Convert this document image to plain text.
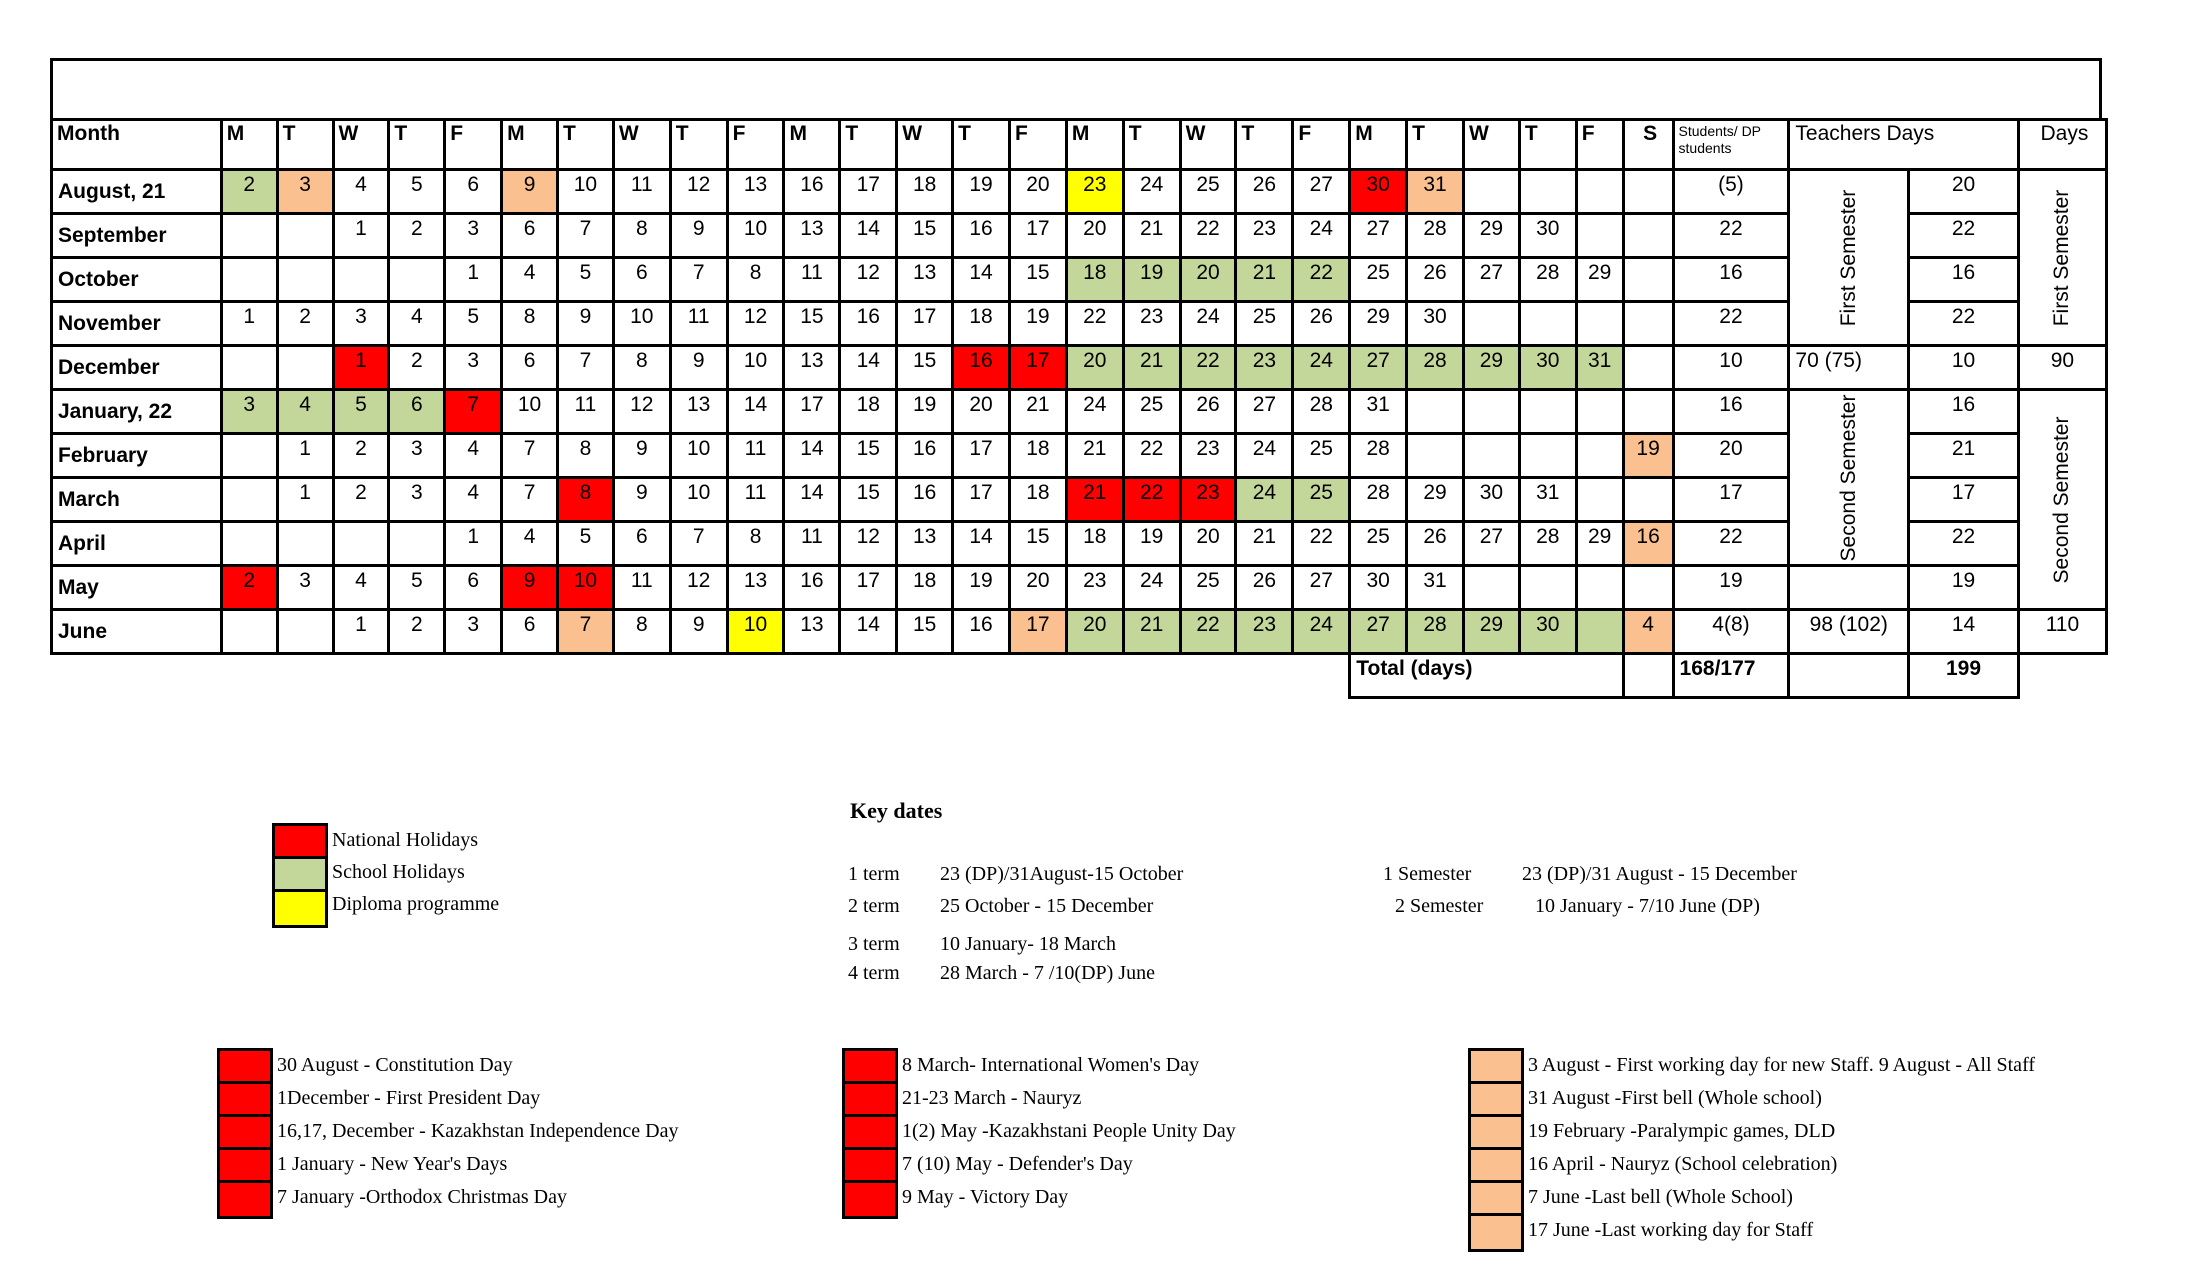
Month	M	T	W	T	F	M	T	W	T	F	M	T	W	T	F	M	T	W	T	F	M	T	W	T	F	S	Students/ DP students	Teachers Days		Days
August, 21	2	3	4	5	6	9	10	11	12	13	16	17	18	19	20	23	24	25	26	27	30	31					(5)	First Semester	20	First Semester

September			1	2	3	6	7	8	9	10	13	14	15	16	17	20	21	22	23	24	27	28	29	30			22		22	
October					1	4	5	6	7	8	11	12	13	14	15	18	19	20	21	22	25	26	27	28	29		16		16	
November	1	2	3	4	5	8	9	10	11	12	15	16	17	18	19	22	23	24	25	26	29	30					22		22	
December			1	2	3	6	7	8	9	10	13	14	15	16	17	20	21	22	23	24	27	28	29	30	31		10	70 (75)	10	90
January, 22	3	4	5	6	7	10	11	12	13	14	17	18	19	20	21	24	25	26	27	28	31						16	Second Semester	16	Second Semester

February		1	2	3	4	7	8	9	10	11	14	15	16	17	18	21	22	23	24	25	28					19	20		21	
March		1	2	3	4	7	8	9	10	11	14	15	16	17	18	21	22	23	24	25	28	29	30	31			17		17	
April					1	4	5	6	7	8	11	12	13	14	15	18	19	20	21	22	25	26	27	28	29	16	22		22	
May	2	3	4	5	6	9	10	11	12	13	16	17	18	19	20	23	24	25	26	27	30	31					19		19	
June			1	2	3	6	7	8	9	10	13	14	15	16	17	20	21	22	23	24	27	28	29	30		4	4(8)	98 (102)	14	110
																					Total (days)						168/177		199	
National Holidays
School Holidays
Diploma programme
Key dates
1 term 23 (DP)/31August-15 October
2 term 25 October - 15 December
3 term 10 January- 18 March
4 term 28 March - 7 /10(DP) June
1 Semester	23 (DP)/31 August - 15 December
2 Semester	10 January - 7/10 June (DP)
30 August - Constitution Day
1December - First President Day
16,17, December - Kazakhstan Independence Day
1 January - New Year's Days
7 January -Orthodox Christmas Day
8 March- International Women's Day
21-23 March - Nauryz
1(2) May -Kazakhstani People Unity Day
7 (10) May - Defender's Day
9 May - Victory Day
3 August - First working day for new Staff. 9 August - All Staff
31 August -First bell (Whole school)
19 February -Paralympic games, DLD
16 April - Nauryz (School celebration)
7 June -Last bell (Whole School)
17 June -Last working day for Staff
